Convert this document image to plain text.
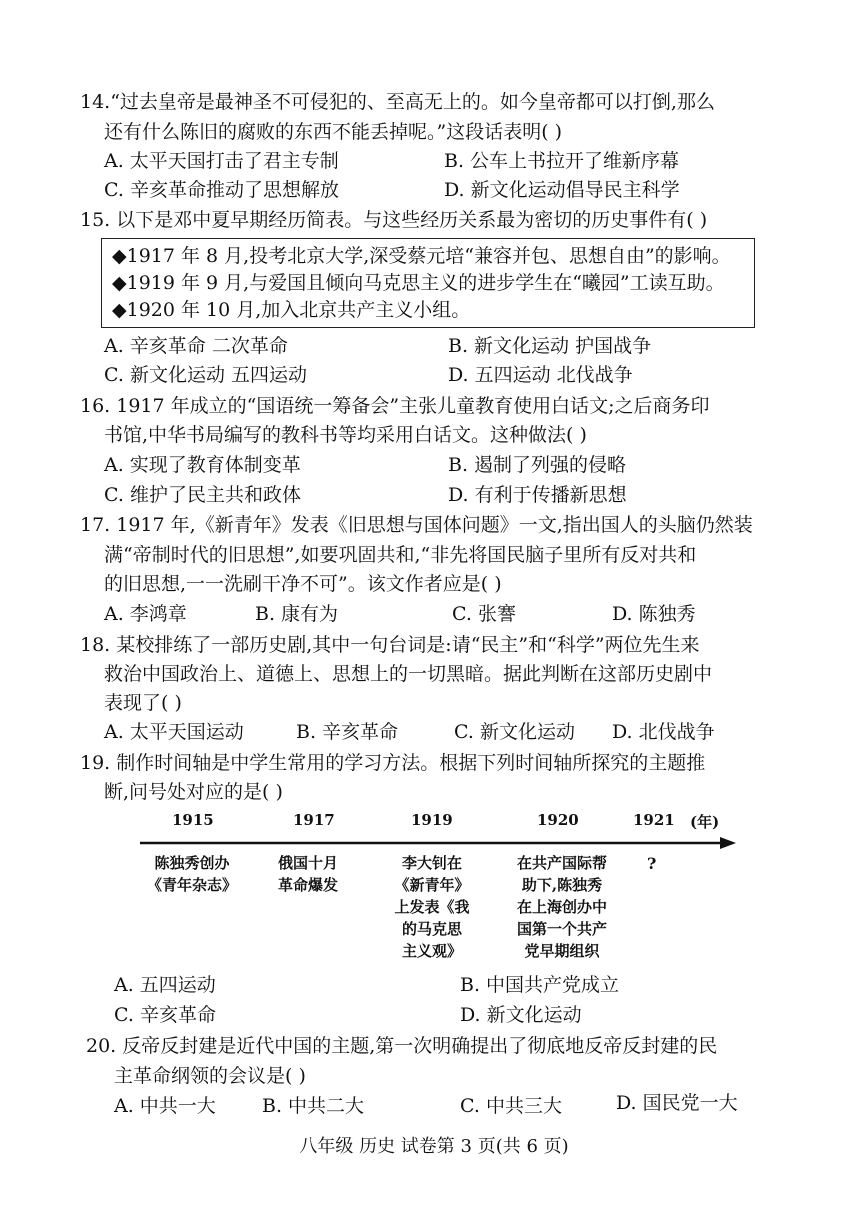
14.“过去皇帝是最神圣不可侵犯的、至高无上的。如今皇帝都可以打倒,那么
还有什么陈旧的腐败的东西不能丢掉呢。”这段话表明( )
A. 太平天国打击了君主专制	B. 公车上书拉开了维新序幕
C. 辛亥革命推动了思想解放	D. 新文化运动倡导民主科学
15. 以下是邓中夏早期经历简表。与这些经历关系最为密切的历史事件有( )
◆1917 年 8 月,投考北京大学,深受蔡元培“兼容并包、思想自由”的影响。
◆1919 年 9 月,与爱国且倾向马克思主义的进步学生在“曦园”工读互助。
◆1920 年 10 月,加入北京共产主义小组。
A. 辛亥革命 二次革命	B. 新文化运动 护国战争
C. 新文化运动 五四运动	D. 五四运动 北伐战争
16. 1917 年成立的“国语统一筹备会”主张儿童教育使用白话文;之后商务印
书馆,中华书局编写的教科书等均采用白话文。这种做法( )
A. 实现了教育体制变革	B. 遏制了列强的侵略
C. 维护了民主共和政体	D. 有利于传播新思想
17. 1917 年,《新青年》发表《旧思想与国体问题》一文,指出国人的头脑仍然装
满“帝制时代的旧思想”,如要巩固共和,“非先将国民脑子里所有反对共和
的旧思想,一一洗刷干净不可”。该文作者应是( )
A. 李鸿章	B. 康有为	C. 张謇	D. 陈独秀
18. 某校排练了一部历史剧,其中一句台词是:请“民主”和“科学”两位先生来
救治中国政治上、道德上、思想上的一切黑暗。据此判断在这部历史剧中
表现了( )
A. 太平天国运动	B. 辛亥革命	C. 新文化运动 D. 北伐战争
19. 制作时间轴是中学生常用的学习方法。根据下列时间轴所探究的主题推
断,问号处对应的是( )
1915	1917	1919	1920	1921 (年)
陈独秀创办
《青年杂志》
俄国十月
革命爆发
李大钊在
《新青年》
上发表《我
的马克思
主义观》
在共产国际帮
助下,陈独秀
在上海创办中
国第一个共产
党早期组织
?
A. 五四运动	B. 中国共产党成立
C. 辛亥革命	D. 新文化运动
20. 反帝反封建是近代中国的主题,第一次明确提出了彻底地反帝反封建的民
主革命纲领的会议是( )
A. 中共一大 B. 中共二大	C. 中共三大	D. 国民党一大
八年级 历史 试卷第 3 页(共 6 页)
